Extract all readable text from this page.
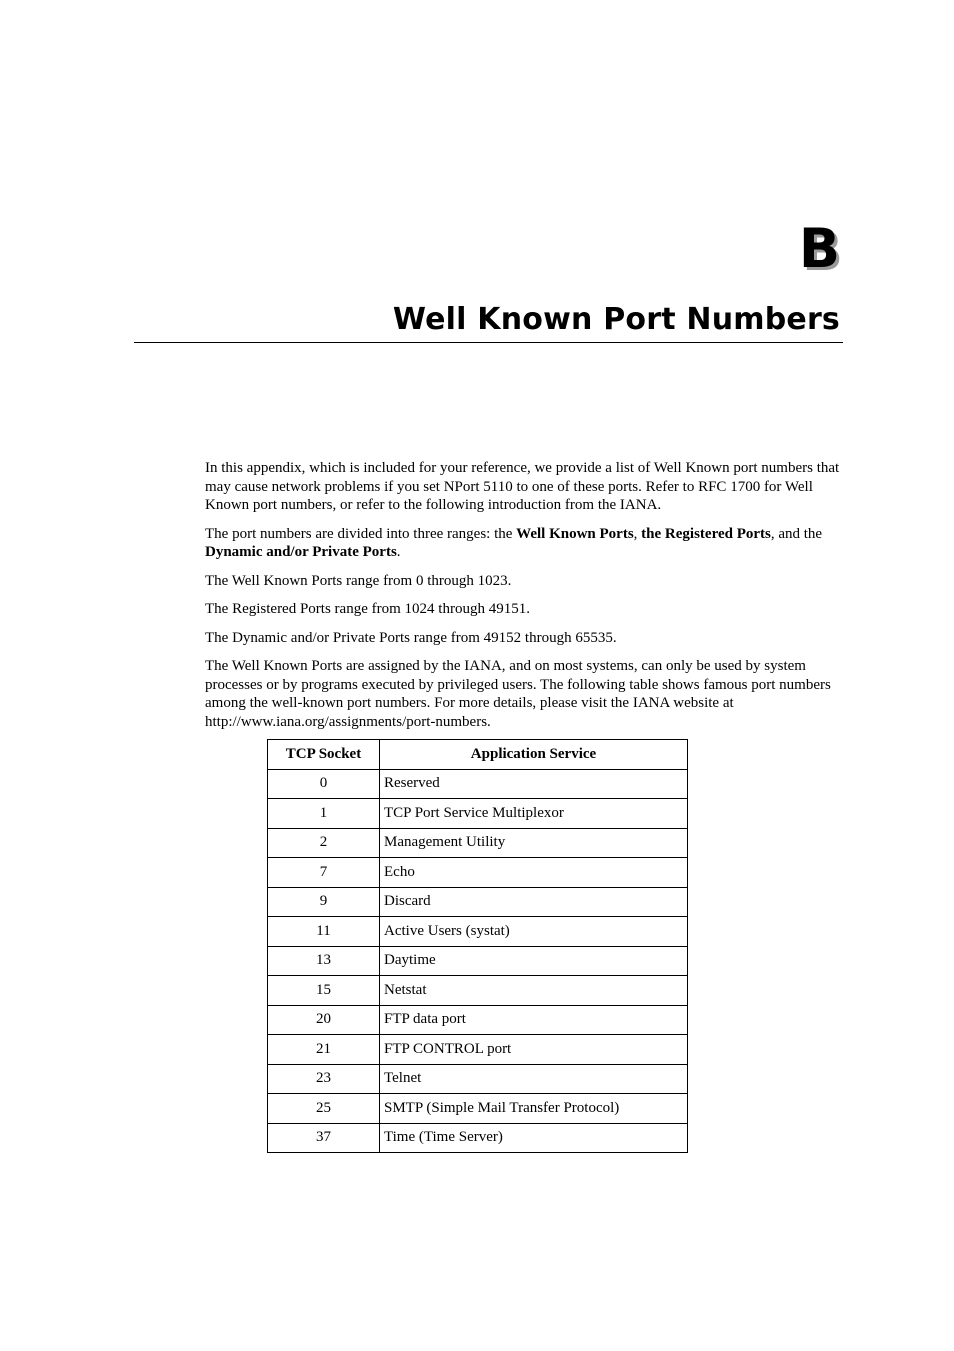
B
Well Known Port Numbers

In this appendix, which is included for your reference, we provide a list of Well Known port numbers that may cause network problems if you set NPort 5110 to one of these ports. Refer to RFC 1700 for Well Known port numbers, or refer to the following introduction from the IANA.

The port numbers are divided into three ranges: the Well Known Ports, the Registered Ports, and the Dynamic and/or Private Ports.

The Well Known Ports range from 0 through 1023.

The Registered Ports range from 1024 through 49151.

The Dynamic and/or Private Ports range from 49152 through 65535.

The Well Known Ports are assigned by the IANA, and on most systems, can only be used by system processes or by programs executed by privileged users. The following table shows famous port numbers among the well-known port numbers. For more details, please visit the IANA website at http://www.iana.org/assignments/port-numbers.

TCP Socket	Application Service
0	Reserved
1	TCP Port Service Multiplexor
2	Management Utility
7	Echo
9	Discard
11	Active Users (systat)
13	Daytime
15	Netstat
20	FTP data port
21	FTP CONTROL port
23	Telnet
25	SMTP (Simple Mail Transfer Protocol)
37	Time (Time Server)
